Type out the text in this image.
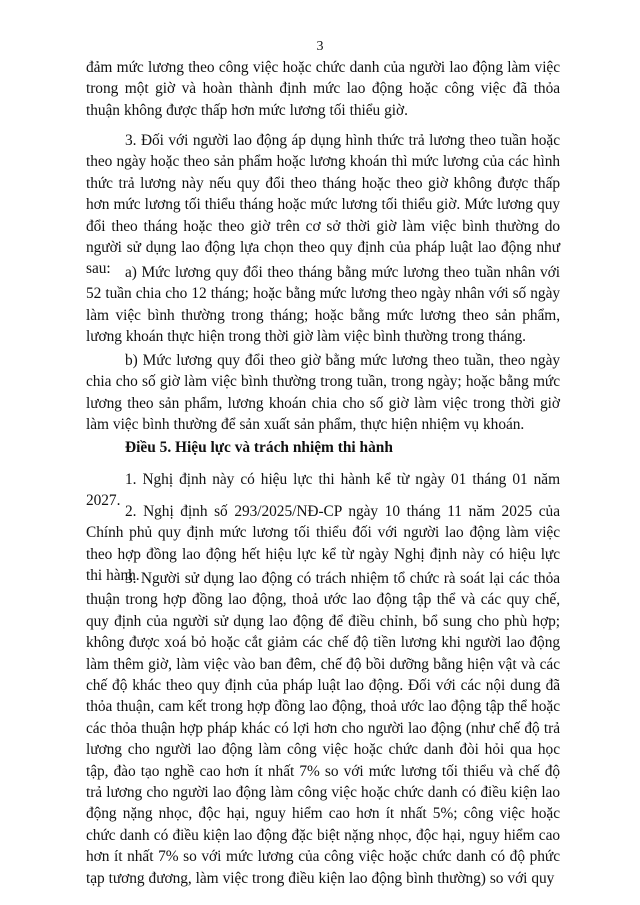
3
đảm mức lương theo công việc hoặc chức danh của người lao động làm việc trong một giờ và hoàn thành định mức lao động hoặc công việc đã thỏa thuận không được thấp hơn mức lương tối thiểu giờ.
3. Đối với người lao động áp dụng hình thức trả lương theo tuần hoặc theo ngày hoặc theo sản phẩm hoặc lương khoán thì mức lương của các hình thức trả lương này nếu quy đổi theo tháng hoặc theo giờ không được thấp hơn mức lương tối thiểu tháng hoặc mức lương tối thiểu giờ. Mức lương quy đổi theo tháng hoặc theo giờ trên cơ sở thời giờ làm việc bình thường do người sử dụng lao động lựa chọn theo quy định của pháp luật lao động như sau: a) Mức lương quy đổi theo tháng bằng mức lương theo tuần nhân với 52 tuần chia cho 12 tháng; hoặc bằng mức lương theo ngày nhân với số ngày làm việc bình thường trong tháng; hoặc bằng mức lương theo sản phẩm, lương khoán thực hiện trong thời giờ làm việc bình thường trong tháng.
b) Mức lương quy đổi theo giờ bằng mức lương theo tuần, theo ngày chia cho số giờ làm việc bình thường trong tuần, trong ngày; hoặc bằng mức lương theo sản phẩm, lương khoán chia cho số giờ làm việc trong thời giờ làm việc bình thường để sản xuất sản phẩm, thực hiện nhiệm vụ khoán.
Điều 5. Hiệu lực và trách nhiệm thi hành
1. Nghị định này có hiệu lực thi hành kể từ ngày 01 tháng 01 năm 2027.
2. Nghị định số 293/2025/NĐ-CP ngày 10 tháng 11 năm 2025 của Chính phủ quy định mức lương tối thiểu đối với người lao động làm việc theo hợp đồng lao động hết hiệu lực kể từ ngày Nghị định này có hiệu lực thi hành.
3. Người sử dụng lao động có trách nhiệm tổ chức rà soát lại các thỏa thuận trong hợp đồng lao động, thoả ước lao động tập thể và các quy chế, quy định của người sử dụng lao động để điều chỉnh, bổ sung cho phù hợp; không được xoá bỏ hoặc cắt giảm các chế độ tiền lương khi người lao động làm thêm giờ, làm việc vào ban đêm, chế độ bồi dưỡng bằng hiện vật và các chế độ khác theo quy định của pháp luật lao động. Đối với các nội dung đã thỏa thuận, cam kết trong hợp đồng lao động, thoả ước lao động tập thể hoặc các thỏa thuận hợp pháp khác có lợi hơn cho người lao động (như chế độ trả lương cho người lao động làm công việc hoặc chức danh đòi hỏi qua học tập, đào tạo nghề cao hơn ít nhất 7% so với mức lương tối thiểu và chế độ trả lương cho người lao động làm công việc hoặc chức danh có điều kiện lao động nặng nhọc, độc hại, nguy hiểm cao hơn ít nhất 5%; công việc hoặc chức danh có điều kiện lao động đặc biệt nặng nhọc, độc hại, nguy hiểm cao hơn ít nhất 7% so với mức lương của công việc hoặc chức danh có độ phức tạp tương đương, làm việc trong điều kiện lao động bình thường) so với quy
